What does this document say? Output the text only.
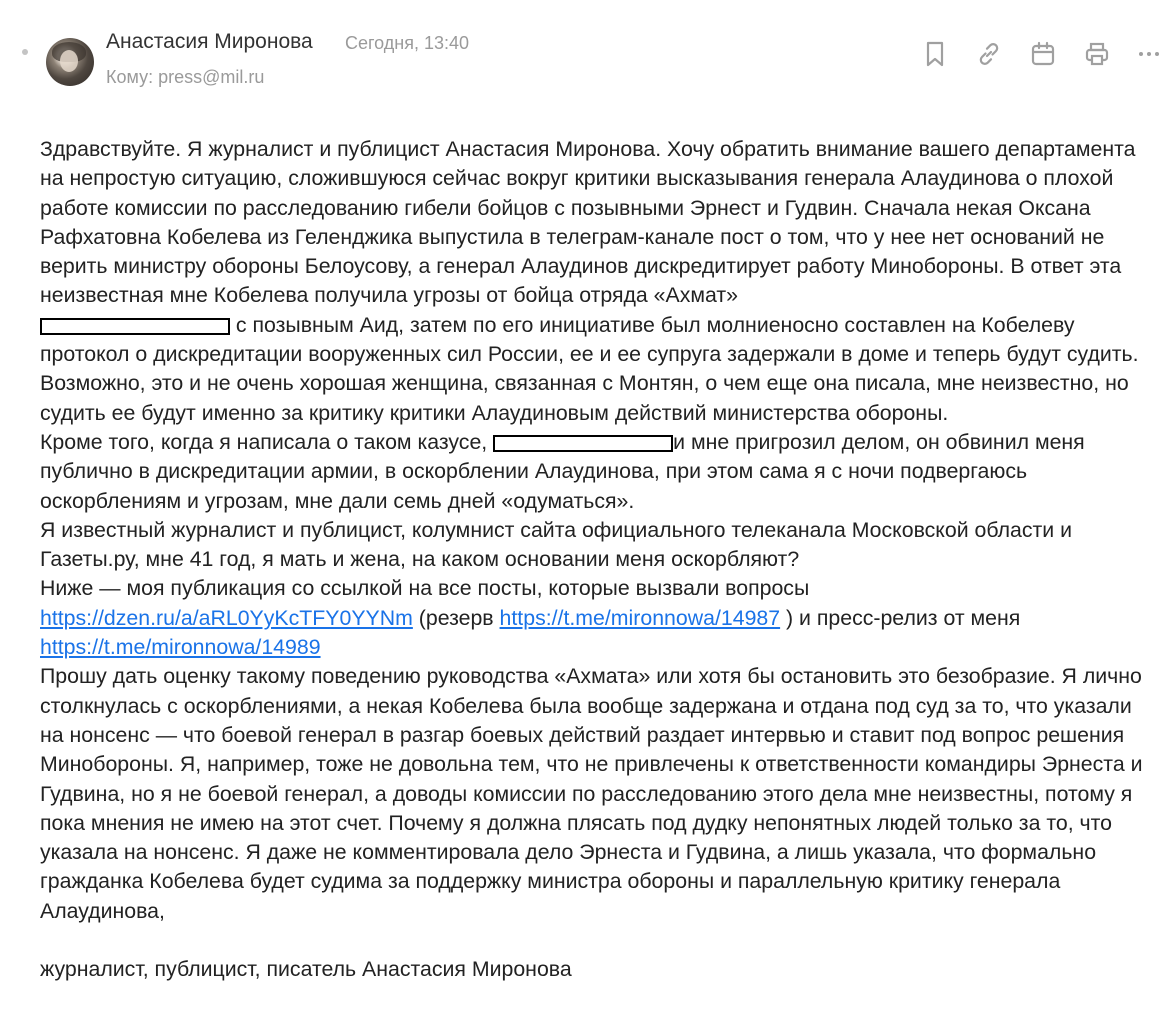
Анастасия Миронова Сегодня, 13:40
Кому: press@mil.ru

Здравствуйте. Я журналист и публицист Анастасия Миронова. Хочу обратить внимание вашего департамента на непростую ситуацию, сложившуюся сейчас вокруг критики высказывания генерала Алаудинова о плохой работе комиссии по расследованию гибели бойцов с позывными Эрнест и Гудвин. Сначала некая Оксана Рафхатовна Кобелева из Геленджика выпустила в телеграм-канале пост о том, что у нее нет оснований не верить министру обороны Белоусову, а генерал Алаудинов дискредитирует работу Минобороны. В ответ эта неизвестная мне Кобелева получила угрозы от бойца отряда «Ахмат»
с позывным Аид, затем по его инициативе был молниеносно составлен на Кобелеву протокол о дискредитации вооруженных сил России, ее и ее супруга задержали в доме и теперь будут судить. Возможно, это и не очень хорошая женщина, связанная с Монтян, о чем еще она писала, мне неизвестно, но судить ее будут именно за критику критики Алаудиновым действий министерства обороны.

Кроме того, когда я написала о таком казусе,	и мне пригрозил делом, он обвинил меня публично в дискредитации армии, в оскорблении Алаудинова, при этом сама я с ночи подвергаюсь оскорблениям и угрозам, мне дали семь дней «одуматься».

Я известный журналист и публицист, колумнист сайта официального телеканала Московской области и Газеты.ру, мне 41 год, я мать и жена, на каком основании меня оскорбляют?

Ниже — моя публикация со ссылкой на все посты, которые вызвали вопросы https://dzen.ru/a/aRL0YyKcTFY0YYNm (резерв https://t.me/mironnowa/14987 ) и пресс-релиз от меня https://t.me/mironnowa/14989

Прошу дать оценку такому поведению руководства «Ахмата» или хотя бы остановить это безобразие. Я лично столкнулась с оскорблениями, а некая Кобелева была вообще задержана и отдана под суд за то, что указали на нонсенс — что боевой генерал в разгар боевых действий раздает интервью и ставит под вопрос решения Минобороны. Я, например, тоже не довольна тем, что не привлечены к ответственности командиры Эрнеста и Гудвина, но я не боевой генерал, а доводы комиссии по расследованию этого дела мне неизвестны, потому я пока мнения не имею на этот счет. Почему я должна плясать под дудку непонятных людей только за то, что указала на нонсенс. Я даже не комментировала дело Эрнеста и Гудвина, а лишь указала, что формально гражданка Кобелева будет судима за поддержку министра обороны и параллельную критику генерала Алаудинова,

журналист, публицист, писатель Анастасия Миронова
